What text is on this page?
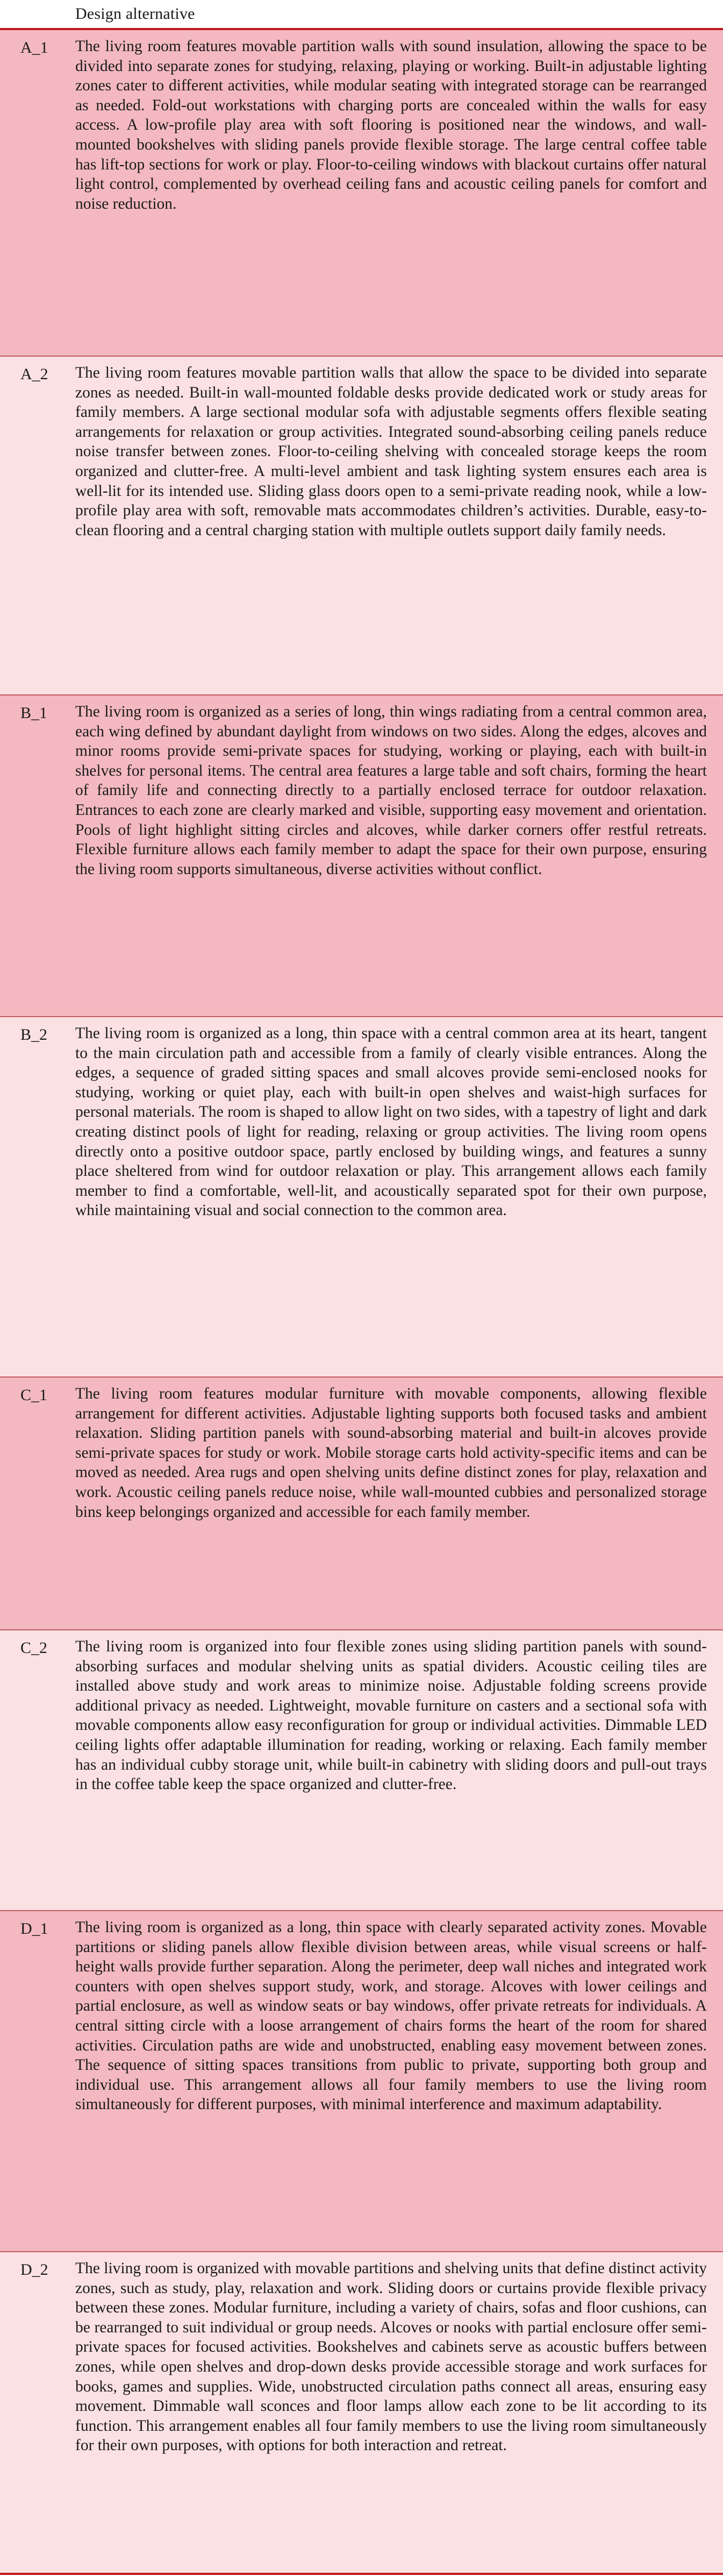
Design alternative
A_1	The living room features movable partition walls with sound insulation, allowing the space to be divided into separate zones for studying, relaxing, playing or working. Built-in adjustable lighting zones cater to different activities, while modular seating with integrated storage can be rearranged as needed. Fold-out workstations with charging ports are concealed within the walls for easy access. A low-profile play area with soft flooring is positioned near the windows, and wall-mounted bookshelves with sliding panels provide flexible storage. The large central coffee table has lift-top sections for work or play. Floor-to-ceiling windows with blackout curtains offer natural light control, complemented by overhead ceiling fans and acoustic ceiling panels for comfort and noise reduction.
A_2	The living room features movable partition walls that allow the space to be divided into separate zones as needed. Built-in wall-mounted foldable desks provide dedicated work or study areas for family members. A large sectional modular sofa with adjustable segments offers flexible seating arrangements for relaxation or group activities. Integrated sound-absorbing ceiling panels reduce noise transfer between zones. Floor-to-ceiling shelving with concealed storage keeps the room organized and clutter-free. A multi-level ambient and task lighting system ensures each area is well-lit for its intended use. Sliding glass doors open to a semi-private reading nook, while a low-profile play area with soft, removable mats accommodates children’s activities. Durable, easy-to-clean flooring and a central charging station with multiple outlets support daily family needs.
B_1	The living room is organized as a series of long, thin wings radiating from a central common area, each wing defined by abundant daylight from windows on two sides. Along the edges, alcoves and minor rooms provide semi-private spaces for studying, working or playing, each with built-in shelves for personal items. The central area features a large table and soft chairs, forming the heart of family life and connecting directly to a partially enclosed terrace for outdoor relaxation. Entrances to each zone are clearly marked and visible, supporting easy movement and orientation. Pools of light highlight sitting circles and alcoves, while darker corners offer restful retreats. Flexible furniture allows each family member to adapt the space for their own purpose, ensuring the living room supports simultaneous, diverse activities without conflict.
B_2	The living room is organized as a long, thin space with a central common area at its heart, tangent to the main circulation path and accessible from a family of clearly visible entrances. Along the edges, a sequence of graded sitting spaces and small alcoves provide semi-enclosed nooks for studying, working or quiet play, each with built-in open shelves and waist-high surfaces for personal materials. The room is shaped to allow light on two sides, with a tapestry of light and dark creating distinct pools of light for reading, relaxing or group activities. The living room opens directly onto a positive outdoor space, partly enclosed by building wings, and features a sunny place sheltered from wind for outdoor relaxation or play. This arrangement allows each family member to find a comfortable, well-lit, and acoustically separated spot for their own purpose, while maintaining visual and social connection to the common area.
C_1	The living room features modular furniture with movable components, allowing flexible arrangement for different activities. Adjustable lighting supports both focused tasks and ambient relaxation. Sliding partition panels with sound-absorbing material and built-in alcoves provide semi-private spaces for study or work. Mobile storage carts hold activity-specific items and can be moved as needed. Area rugs and open shelving units define distinct zones for play, relaxation and work. Acoustic ceiling panels reduce noise, while wall-mounted cubbies and personalized storage bins keep belongings organized and accessible for each family member.
C_2	The living room is organized into four flexible zones using sliding partition panels with sound-absorbing surfaces and modular shelving units as spatial dividers. Acoustic ceiling tiles are installed above study and work areas to minimize noise. Adjustable folding screens provide additional privacy as needed. Lightweight, movable furniture on casters and a sectional sofa with movable components allow easy reconfiguration for group or individual activities. Dimmable LED ceiling lights offer adaptable illumination for reading, working or relaxing. Each family member has an individual cubby storage unit, while built-in cabinetry with sliding doors and pull-out trays in the coffee table keep the space organized and clutter-free.
D_1	The living room is organized as a long, thin space with clearly separated activity zones. Movable partitions or sliding panels allow flexible division between areas, while visual screens or half-height walls provide further separation. Along the perimeter, deep wall niches and integrated work counters with open shelves support study, work, and storage. Alcoves with lower ceilings and partial enclosure, as well as window seats or bay windows, offer private retreats for individuals. A central sitting circle with a loose arrangement of chairs forms the heart of the room for shared activities. Circulation paths are wide and unobstructed, enabling easy movement between zones. The sequence of sitting spaces transitions from public to private, supporting both group and individual use. This arrangement allows all four family members to use the living room simultaneously for different purposes, with minimal interference and maximum adaptability.
D_2	The living room is organized with movable partitions and shelving units that define distinct activity zones, such as study, play, relaxation and work. Sliding doors or curtains provide flexible privacy between these zones. Modular furniture, including a variety of chairs, sofas and floor cushions, can be rearranged to suit individual or group needs. Alcoves or nooks with partial enclosure offer semi-private spaces for focused activities. Bookshelves and cabinets serve as acoustic buffers between zones, while open shelves and drop-down desks provide accessible storage and work surfaces for books, games and supplies. Wide, unobstructed circulation paths connect all areas, ensuring easy movement. Dimmable wall sconces and floor lamps allow each zone to be lit according to its function. This arrangement enables all four family members to use the living room simultaneously for their own purposes, with options for both interaction and retreat.
